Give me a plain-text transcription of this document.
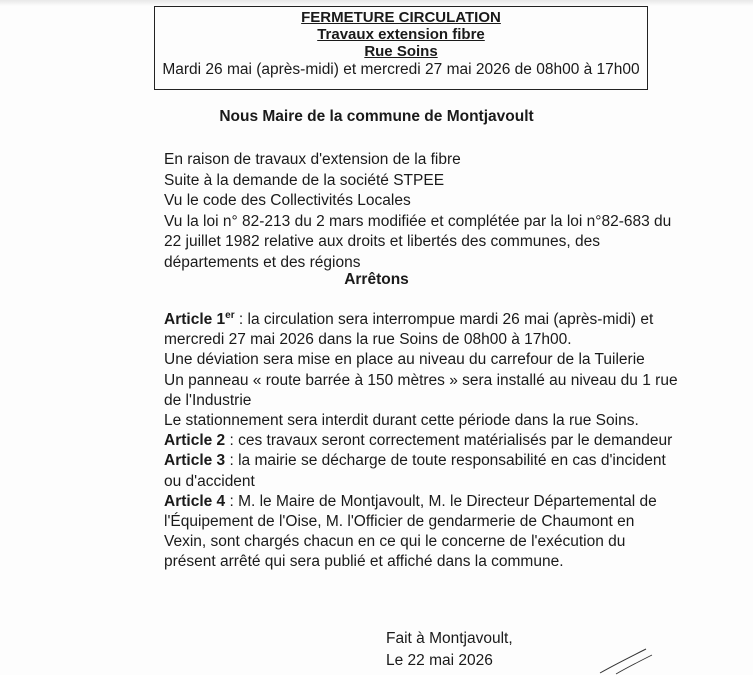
FERMETURE CIRCULATION
Travaux extension fibre
Rue Soins
Mardi 26 mai (après-midi) et mercredi 27 mai 2026 de 08h00 à 17h00
Nous Maire de la commune de Montjavoult
En raison de travaux d'extension de la fibre
Suite à la demande de la société STPEE
Vu le code des Collectivités Locales
Vu la loi n° 82-213 du 2 mars modifiée et complétée par la loi n°82-683 du
22 juillet 1982 relative aux droits et libertés des communes, des
départements et des régions
Arrêtons
Article 1er : la circulation sera interrompue mardi 26 mai (après-midi) et
mercredi 27 mai 2026 dans la rue Soins de 08h00 à 17h00.
Une déviation sera mise en place au niveau du carrefour de la Tuilerie
Un panneau « route barrée à 150 mètres » sera installé au niveau du 1 rue
de l'Industrie
Le stationnement sera interdit durant cette période dans la rue Soins.
Article 2 : ces travaux seront correctement matérialisés par le demandeur
Article 3 : la mairie se décharge de toute responsabilité en cas d'incident
ou d'accident
Article 4 : M. le Maire de Montjavoult, M. le Directeur Départemental de
l'Équipement de l'Oise, M. l'Officier de gendarmerie de Chaumont en
Vexin, sont chargés chacun en ce qui le concerne de l'exécution du
présent arrêté qui sera publié et affiché dans la commune.
Fait à Montjavoult,
Le 22 mai 2026
